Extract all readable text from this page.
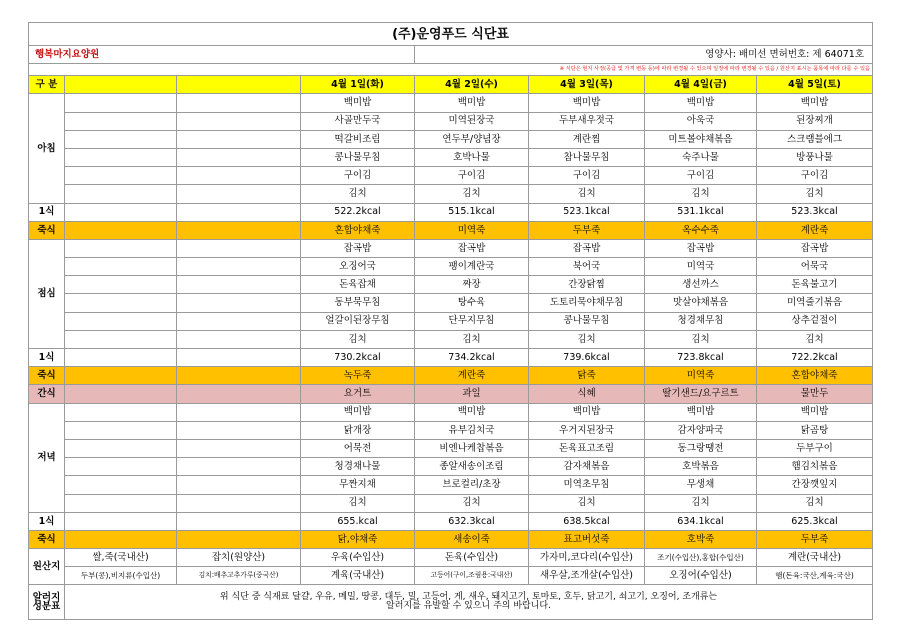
(주)운영푸드 식단표							
행복마지요양원				영양사: 배미선 면허번호: 제 64071호			
※ 식단은 현지 사정(공급 및 가격 변동 등)에 따라 변경될 수 있으며 일정에 따라 변경될 수 있음 / 원산지 표시는 품목에 따라 다를 수 있음							
구 분			4월 1일(화)	4월 2일(수)	4월 3일(목)	4월 4일(금)	4월 5일(토)
아침			백미밥	백미밥	백미밥	백미밥	백미밥
			사골만두국	미역된장국	두부새우젓국	아욱국	된장찌개
			떡갈비조림	연두부/양념장	계란찜	미트볼야채볶음	스크램블에그
			콩나물무침	호박나물	참나물무침	숙주나물	방풍나물
			구이김	구이김	구이김	구이김	구이김
			김치	김치	김치	김치	김치
1식			522.2kcal	515.1kcal	523.1kcal	531.1kcal	523.3kcal
죽식			혼합야채죽	미역죽	두부죽	옥수수죽	계란죽
점심			잡곡밥	잡곡밥	잡곡밥	잡곡밥	잡곡밥
			오징어국	팽이계란국	북어국	미역국	어묵국
			돈육잡채	짜장	간장닭찜	생선까스	돈육불고기
			동부묵무침	탕수육	도토리묵야채무침	맛살야채볶음	미역줄기볶음
			얼갈이된장무침	단무지무침	콩나물무침	청경채무침	상추겉절이
			김치	김치	김치	김치	김치
1식			730.2kcal	734.2kcal	739.6kcal	723.8kcal	722.2kcal
죽식			녹두죽	계란죽	닭죽	미역죽	혼합야채죽
간식			요거트	과일	식혜	딸기샌드/요구르트	물만두
저녁			백미밥	백미밥	백미밥	백미밥	백미밥
			닭개장	유부김치국	우거지된장국	감자양파국	닭곰탕
			어묵전	비엔나케찹볶음	돈육표고조림	동그랑땡전	두부구이
			청경채나물	종알새송이조림	감자채볶음	호박볶음	햄김치볶음
			무짠지채	브로컬리/초장	미역초무침	무생채	간장깻잎지
			김치	김치	김치	김치	김치
1식			655.kcal	632.3kcal	638.5kcal	634.1kcal	625.3kcal
죽식			닭,야채죽	새송이죽	표고버섯죽	호박죽	두부죽
원산지	쌀,죽(국내산)	잡치(원양산)	우육(수입산)	돈육(수입산)	가자미,코다리(수입산)	조기(수입산),홍합(수입산)	계란(국내산)
	두부(콩),비지류(수입산)	김치:배추고추가루(중국산)	계육(국내산)	고등어(구이,조림용:국내산)	새우살,조개살(수입산)	오징어(수입산)	햄(돈육:국산,계육:국산)

알러지
성분표	위 식단 중 식재료 달걀, 우유, 메밀, 땅콩, 대두, 밀, 고등어, 게, 새우, 돼지고기, 토마토, 호두, 닭고기, 쇠고기, 오징어, 조개류는
알러지를 유발할 수 있으니 주의 바랍니다.						
